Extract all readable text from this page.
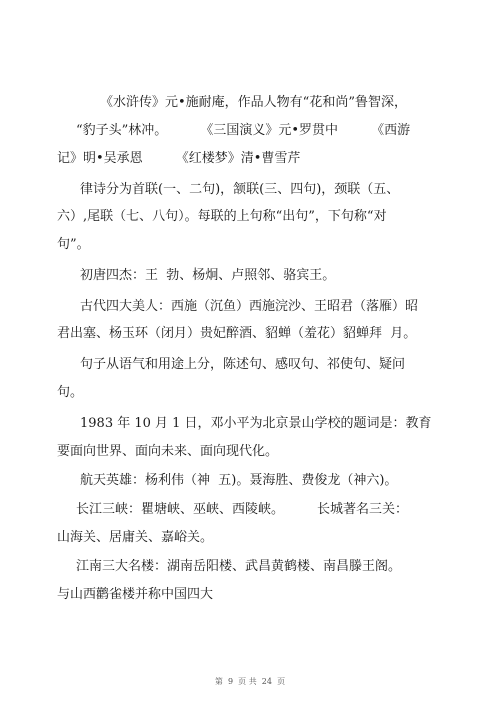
《水浒传》元•施耐庵，作品人物有“花和尚”鲁智深，

“豹子头”林冲。        《三国演义》元•罗贯中        《西游

记》明•吴承恩        《红楼梦》清•曹雪芹

律诗分为首联(一、二句)，颔联(三、四句)，颈联（五、

六）,尾联（七、八句）。每联的上句称“出句”，下句称“对

句”。

初唐四杰：王  勃、杨炯、卢照邻、骆宾王。

古代四大美人：西施（沉鱼）西施浣沙、王昭君（落雁）昭

君出塞、杨玉环（闭月）贵妃醉酒、貂蝉（羞花）貂蝉拜  月。

句子从语气和用途上分，陈述句、感叹句、祁使句、疑问

句。

1983 年 10 月 1 日，邓小平为北京景山学校的题词是：教育

要面向世界、面向未来、面向现代化。

航天英雄：杨利伟（神  五)。聂海胜、费俊龙（神六)。

长江三峡：瞿塘峡、巫峡、西陵峡。        长城著名三关：

山海关、居庸关、嘉峪关。

江南三大名楼：湖南岳阳楼、武昌黄鹤楼、南昌滕王阁。

与山西鹳雀楼并称中国四大

第  9  页 共  24  页
